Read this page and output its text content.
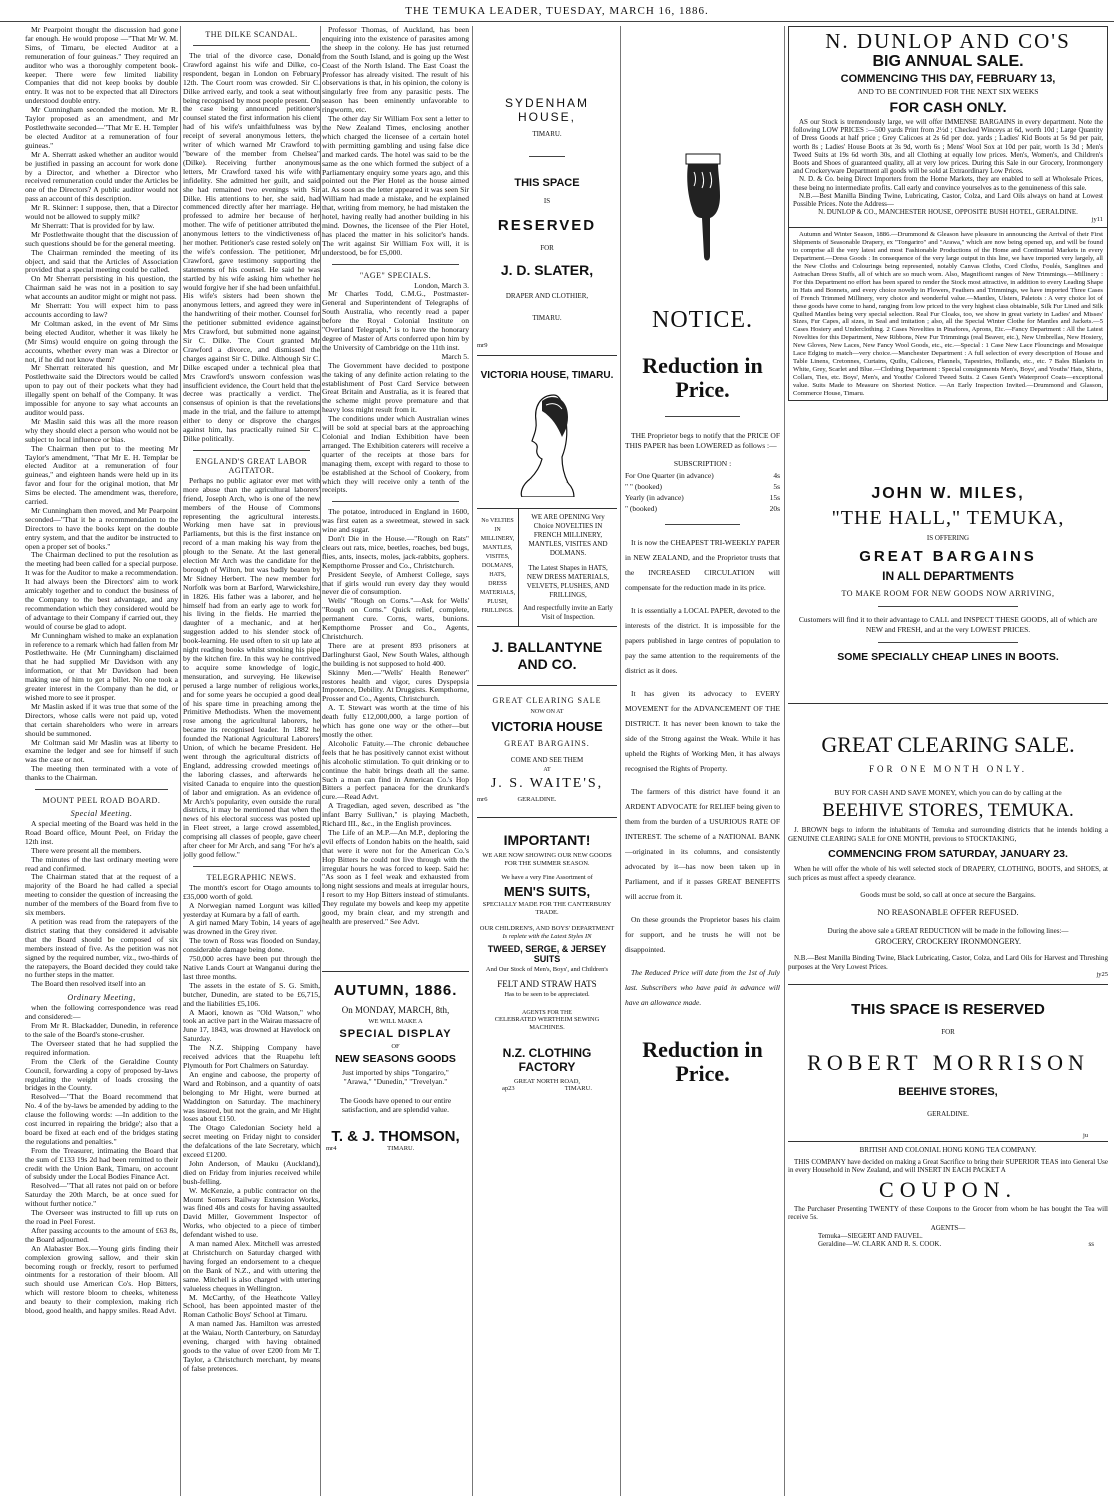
THE TEMUKA LEADER, TUESDAY, MARCH 16, 1886.

Mr Pearpoint thought the discussion had gone far enough. He would propose —"That Mr W. M. Sims, of Timaru, be elected Auditor at a remuneration of four guineas." They required an auditor who was a thoroughly competent book-keeper. There were few limited liability Companies that did not keep books by double entry. It was not to be expected that all Directors understood double entry.

Mr Cunningham seconded the motion. Mr R. Taylor proposed as an amendment, and Mr Postlethwaite seconded—"That Mr E. H. Templer be elected Auditor at a remuneration of four guineas."

Mr A. Sherratt asked whether an auditor would be justified in passing an account for work done by a Director, and whether a Director who received remuneration could under the Articles be one of the Directors? A public auditor would not pass an account of this description.

Mr R. Skinner: I suppose, then, that a Director would not be allowed to supply milk?

Mr Sherratt: That is provided for by law.

Mr Postlethwaite thought that the discussion of such questions should be for the general meeting.

The Chairman reminded the meeting of its object, and said that the Articles of Association provided that a special meeting could be called.

On Mr Sherratt persisting in his question, the Chairman said he was not in a position to say what accounts an auditor might or might not pass.

Mr Sherratt: You will expect him to pass accounts according to law?

Mr Coltman asked, in the event of Mr Sims being elected Auditor, whether it was likely he (Mr Sims) would enquire on going through the accounts, whether every man was a Director or not, if he did not know them?

Mr Sherratt reiterated his question, and Mr Postlethwaite said the Directors would be called upon to pay out of their pockets what they had illegally spent on behalf of the Company. It was impossible for anyone to say what accounts an auditor would pass.

Mr Maslin said this was all the more reason why they should elect a person who would not be subject to local influence or bias.

The Chairman then put to the meeting Mr Taylor's amendment, "That Mr E. H. Templar be elected Auditor at a remuneration of four guineas," and eighteen hands were held up in its favor and four for the original motion, that Mr Sims be elected. The amendment was, therefore, carried.

Mr Cunningham then moved, and Mr Pearpoint seconded—"That it be a recommendation to the Directors to have the books kept on the double entry system, and that the auditor be instructed to open a proper set of books."

The Chairman declined to put the resolution as the meeting had been called for a special purpose. It was for the Auditor to make a recommendation. It had always been the Directors' aim to work amicably together and to conduct the business of the Company to the best advantage, and any recommendation which they considered would be of advantage to their Company if carried out, they would of course be glad to adopt.

Mr Cunningham wished to make an explanation in reference to a remark which had fallen from Mr Postlethwaite. He (Mr Cunningham) disclaimed that he had supplied Mr Davidson with any information, or that Mr Davidson had been making use of him to get a billet. No one took a greater interest in the Company than he did, or wished more to see it prosper.

Mr Maslin asked if it was true that some of the Directors, whose calls were not paid up, voted that certain shareholders who were in arrears should be summoned.

Mr Coltman said Mr Maslin was at liberty to examine the ledger and see for himself if such was the case or not.

The meeting then terminated with a vote of thanks to the Chairman.

MOUNT PEEL ROAD BOARD.
Special Meeting.

A special meeting of the Board was held in the Road Board office, Mount Peel, on Friday the 12th inst.

There were present all the members.

The minutes of the last ordinary meeting were read and confirmed.

The Chairman stated that at the request of a majority of the Board he had called a special meeting to consider the question of increasing the number of the members of the Board from five to six members.

A petition was read from the ratepayers of the district stating that they considered it advisable that the Board should be composed of six members instead of five. As the petition was not signed by the required number, viz., two-thirds of the ratepayers, the Board decided they could take no further steps in the matter.

The Board then resolved itself into an

Ordinary Meeting,

when the following correspondence was read and considered:—

From Mr R. Blackadder, Dunedin, in reference to the sale of the Board's stone-crusher.

The Overseer stated that he had supplied the required information.

From the Clerk of the Geraldine County Council, forwarding a copy of proposed by-laws regulating the weight of loads crossing the bridges in the County.

Resolved—"That the Board recommend that No. 4 of the by-laws be amended by adding to the clause the following words: —In addition to the cost incurred in repairing the bridge'; also that a board be fixed at each end of the bridges stating the regulations and penalties."

From the Treasurer, intimating the Board that the sum of £133 19s 2d had been remitted to their credit with the Union Bank, Timaru, on account of subsidy under the Local Bodies Finance Act.

Resolved—"That all rates not paid on or before Saturday the 20th March, be at once sued for without further notice."

The Overseer was instructed to fill up ruts on the road in Peel Forest.

After passing accounts to the amount of £63 8s, the Board adjourned.

An Alabaster Box.—Young girls finding their complexion growing sallow, and their skin becoming rough or freckly, resort to perfumed ointments for a restoration of their bloom. All such should use American Co's. Hop Bitters, which will restore bloom to cheeks, whiteness and beauty to their complexion, making rich blood, good health, and happy smiles. Read Advt.

THE DILKE SCANDAL.

The trial of the divorce case, Donald Crawford against his wife and Dilke, co-respondent, began in London on February 12th. The Court room was crowded. Sir C. Dilke arrived early, and took a seat without being recognised by most people present. On the case being announced petitioner's counsel stated the first information his client had of his wife's unfaithfulness was by receipt of several anonymous letters, the writer of which warned Mr Crawford to "beware of the member from Chelsea" (Dilke). Receiving further anonymous letters, Mr Crawford taxed his wife with infidelity. She admitted her guilt, and said she had remained two evenings with Sir Dilke. His attentions to her, she said, had commenced directly after her marriage. He professed to admire her because of her mother. The wife of petitioner attributed the anonymous letters to the vindictiveness of her mother. Petitioner's case rested solely on the wife's confession. The petitioner, Mr Crawford, gave testimony supporting the statements of his counsel. He said he was startled by his wife asking him whether he would forgive her if she had been unfaithful. His wife's sisters had been shown the anonymous letters, and agreed they were in the handwriting of their mother. Counsel for the petitioner submitted evidence against Mrs Crawford, but submitted none against Sir C. Dilke. The Court granted Mr Crawford a divorce, and dismissed the charges against Sir C. Dilke. Although Sir C. Dilke escaped under a technical plea that Mrs Crawford's unsworn confession was insufficient evidence, the Court held that the decree was practically a verdict. The consensus of opinion is that the revelations made in the trial, and the failure to attempt either to deny or disprove the charges against him, has practically ruined Sir C. Dilke politically.

ENGLAND'S GREAT LABOR AGITATOR.

Perhaps no public agitator ever met with more abuse than the agricultural laborers' friend, Joseph Arch, who is one of the new members of the House of Commons representing the agricultural interests. Working men have sat in previous Parliaments, but this is the first instance on record of a man making his way from the plough to the Senate. At the last general election Mr Arch was the candidate for the borough of Wilton, but was badly beaten by Mr Sidney Herbert. The new member for Norfolk was born at Barford, Warwickshire, in 1826. His father was a laborer, and he himself had from an early age to work for his living in the fields. He married the daughter of a mechanic, and at her suggestion added to his slender stock of book-learning. He used often to sit up late at night reading books whilst smoking his pipe by the kitchen fire. In this way he contrived to acquire some knowledge of logic, mensuration, and surveying. He likewise perused a large number of religious works, and for some years he occupied a good deal of his spare time in preaching among the Primitive Methodists. When the movement rose among the agricultural laborers, he became its recognised leader. In 1882 he founded the National Agricultural Laborers' Union, of which he became President. He went through the agricultural districts of England, addressing crowded meetings of the laboring classes, and afterwards he visited Canada to enquire into the question of labor and emigration. As an evidence of Mr Arch's popularity, even outside the rural districts, it may be mentioned that when the news of his electoral success was posted up in Fleet street, a large crowd assembled, comprising all classes of people, gave cheer after cheer for Mr Arch, and sang "For he's a jolly good fellow."

TELEGRAPHIC NEWS.

The month's escort for Otago amounts to £35,000 worth of gold.

A Norwegian named Lorgunt was killed yesterday at Kumara by a fall of earth.

A girl named Mary Tobin, 14 years of age was drowned in the Grey river.

The town of Ross was flooded on Sunday, considerable damage being done.

750,000 acres have been put through the Native Lands Court at Wanganui during the last three months.

The assets in the estate of S. G. Smith, butcher, Dunedin, are stated to be £6,715, and the liabilities £5,106.

A Maori, known as "Old Watson," who took an active part in the Wairau massacre of June 17, 1843, was drowned at Havelock on Saturday.

The N.Z. Shipping Company have received advices that the Ruapehu left Plymouth for Port Chalmers on Saturday.

An engine and caboose, the property of Ward and Robinson, and a quantity of oats belonging to Mr Hight, were burned at Waddington on Saturday. The machinery was insured, but not the grain, and Mr Hight loses about £150.

The Otago Caledonian Society held a secret meeting on Friday night to consider the defalcations of the late Secretary, which exceed £1200.

John Anderson, of Mauku (Auckland), died on Friday from injuries received while bush-felling.

W. McKenzie, a public contractor on the Mount Somers Railway Extension Works, was fined 40s and costs for having assaulted David Miller, Government Inspector of Works, who objected to a piece of timber defendant wished to use.

A man named Alex. Mitchell was arrested at Christchurch on Saturday charged with having forged an endorsement to a cheque on the Bank of N.Z., and with uttering the same. Mitchell is also charged with uttering valueless cheques in Wellington.

M. McCarthy, of the Heathcote Valley School, has been appointed master of the Roman Catholic Boys' School at Timaru.

A man named Jas. Hamilton was arrested at the Waiau, North Canterbury, on Saturday evening, charged with having obtained goods to the value of over £200 from Mr T. Taylor, a Christchurch merchant, by means of false pretences.

Professor Thomas, of Auckland, has been enquiring into the existence of parasites among the sheep in the colony. He has just returned from the South Island, and is going up the West Coast of the North Island. The East Coast the Professor has already visited. The result of his observations is that, in his opinion, the colony is singularly free from any parasitic pests. The season has been eminently unfavorable to ringworm, etc.

The other day Sir William Fox sent a letter to the New Zealand Times, enclosing another which charged the licensee of a certain hotel with permitting gambling and using false dice and marked cards. The hotel was said to be the same as the one which formed the subject of a Parliamentary enquiry some years ago, and this pointed out the Pier Hotel as the house aimed at. As soon as the letter appeared it was seen Sir William had made a mistake, and he explained that, writing from memory, he had mistaken the hotel, having really had another building in his mind. Downes, the licensee of the Pier Hotel, has placed the matter in his solicitor's hands. The writ against Sir William Fox will, it is understood, be for £5,000.

"AGE" SPECIALS.
London, March 3.

Mr Charles Todd, C.M.G., Postmaster-General and Superintendent of Telegraphs of South Australia, who recently read a paper before the Royal Colonial Institute on "Overland Telegraph," is to have the honorary degree of Master of Arts conferred upon him by the University of Cambridge on the 11th inst.

March 5.

The Government have decided to postpone the taking of any definite action relating to the establishment of Post Card Service between Great Britain and Australia, as it is feared that the scheme might prove premature and that heavy loss might result from it.

The conditions under which Australian wines will be sold at special bars at the approaching Colonial and Indian Exhibition have been arranged. The Exhibition caterers will receive a quarter of the receipts at those bars for managing them, except with regard to those to be established at the School of Cookery, from which they will receive only a tenth of the receipts.

The potatoe, introduced in England in 1600, was first eaten as a sweetmeat, stewed in sack wine and sugar.

Don't Die in the House.—"Rough on Rats" clears out rats, mice, beetles, roaches, bed bugs, flies, ants, insects, moles, jack-rabbits, gophers. Kempthorne Prosser and Co., Christchurch.

President Seeyle, of Amherst College, says that if girls would run every day they would never die of consumption.

Wells' "Rough on Corns."—Ask for Wells' "Rough on Corns." Quick relief, complete, permanent cure. Corns, warts, bunions. Kempthorne Prosser and Co., Agents, Christchurch.

There are at present 893 prisoners at Darlinghurst Gaol, New South Wales, although the building is not supposed to hold 400.

Skinny Men.—"Wells' Health Renewer" restores health and vigor, cures Dyspepsia Impotence, Debility. At Druggists. Kempthorne, Prosser and Co., Agents, Christchurch.

A. T. Stewart was worth at the time of his death fully £12,000,000, a large portion of which has gone one way or the other—but mostly the other.

Alcoholic Fatuity.—The chronic debauchee feels that he has positively cannot exist without his alcoholic stimulation. To quit drinking or to continue the habit brings death all the same. Such a man can find in American Co.'s Hop Bitters a perfect panacea for the drunkard's cure.—Read Advt.

A Tragedian, aged seven, described as "the infant Barry Sullivan," is playing Macbeth, Richard III., &c., in the English provinces.

The Life of an M.P.—An M.P., deploring the evil effects of London habits on the health, said that were it were not for the American Co.'s Hop Bitters he could not live through with the irregular hours he was forced to keep. Said he: "As soon as I feel weak and exhausted from long night sessions and meals at irregular hours, I resort to my Hop Bitters instead of stimulants. They regulate my bowels and keep my appetite good, my brain clear, and my strength and health are preserved." See Advt.

AUTUMN, 1886.
On MONDAY, MARCH, 8th,
WE WILL MAKE A
SPECIAL DISPLAY
OF
NEW SEASONS GOODS
Just imported by ships "Tongariro," "Arawa," "Dunedin," "Trevelyan."
The Goods have opened to our entire satisfaction, and are splendid value.
T. & J. THOMSON,
mr4	TIMARU.
SYDENHAM HOUSE,
TIMARU.
THIS SPACE
IS
RESERVED
FOR
J. D. SLATER,
DRAPER AND CLOTHIER,
TIMARU.
mr9
VICTORIA HOUSE, TIMARU.
No VELTIES
IN
MILLINERY,
MANTLES,
VISITES,
DOLMANS,
HATS,
DRESS
MATERIALS,
PLUSH,
FRILLINGS.
WE ARE OPENING Very Choice NOVELTIES IN FRENCH MILLINERY, MANTLES, VISITES AND DOLMANS.
The Latest Shapes in HATS, NEW DRESS MATERIALS, VELVETS, PLUSHES, AND FRILLINGS,
And respectfully invite an Early Visit of Inspection.
J. BALLANTYNE AND CO.
GREAT CLEARING SALE
NOW ON AT
VICTORIA HOUSE
GREAT BARGAINS.
COME AND SEE THEM
AT
J. S. WAITE'S,
mr6	GERALDINE.
IMPORTANT!
WE ARE NOW SHOWING OUR NEW GOODS FOR THE SUMMER SEASON.
We have a very Fine Assortment of
MEN'S SUITS,
SPECIALLY MADE FOR THE CANTERBURY TRADE.
OUR CHILDREN'S, AND BOYS' DEPARTMENT
Is replete with the Latest Styles IN
TWEED, SERGE, & JERSEY SUITS
And Our Stock of Men's, Boys', and Children's
FELT AND STRAW HATS
Has to be seen to be appreciated.
AGENTS FOR THE
CELEBRATED WERTHEIM SEWING MACHINES.
N.Z. CLOTHING FACTORY
GREAT NORTH ROAD,
ap23	TIMARU.
NOTICE.
Reduction in Price.

THE Proprietor begs to notify that the PRICE OF THIS PAPER has been LOWERED as follows :—

SUBSCRIPTION :
For One Quarter (in advance)	4s
" " (booked)	5s
Yearly (in advance)	15s
" (booked)	20s

It is now the CHEAPEST TRI-WEEKLY PAPER in NEW ZEALAND, and the Proprietor trusts that the INCREASED CIRCULATION will compensate for the reduction made in its price.

It is essentially a LOCAL PAPER, devoted to the interests of the district. It is impossible for the papers published in large centres of population to pay the same attention to the requirements of the district as it does.

It has given its advocacy to EVERY MOVEMENT for the ADVANCEMENT OF THE DISTRICT. It has never been known to take the side of the Strong against the Weak. While it has upheld the Rights of Working Men, it has always recognised the Rights of Property.

The farmers of this district have found it an ARDENT ADVOCATE for RELIEF being given to them from the burden of a USURIOUS RATE OF INTEREST. The scheme of a NATIONAL BANK—originated in its columns, and consistently advocated by it—has now been taken up in Parliament, and if it passes GREAT BENEFITS will accrue from it.

On these grounds the Proprietor bases his claim for support, and he trusts he will not be disappointed.

The Reduced Price will date from the 1st of July last. Subscribers who have paid in advance will have an allowance made.

Reduction in Price.
N. DUNLOP AND CO'S
BIG ANNUAL SALE.
COMMENCING THIS DAY, FEBRUARY 13,
AND TO BE CONTINUED FOR THE NEXT SIX WEEKS
FOR CASH ONLY.

AS our Stock is tremendously large, we will offer IMMENSE BARGAINS in every department. Note the following LOW PRICES :—500 yards Print from 2½d ; Checked Winceys at 6d, worth 10d ; Large Quantity of Dress Goods at half price ; Grey Calicoes at 2s 6d per doz. yards ; Ladies' Kid Boots at 5s 9d per pair, worth 8s ; Ladies' House Boots at 3s 9d, worth 6s ; Mens' Wool Sox at 10d per pair, worth 1s 3d ; Men's Tweed Suits at 19s 6d worth 30s, and all Clothing at equally low prices. Men's, Women's, and Children's Boots and Shoes of guaranteed quality, all at very low prices. During this Sale in our Grocery, Ironmongery and Crockeryware Department all goods will be sold at Extraordinary Low Prices.

N. D. & Co. being Direct Importers from the Home Markets, they are enabled to sell at Wholesale Prices, these being no intermediate profits. Call early and convince yourselves as to the genuineness of this sale.

N.B.—Best Manilla Binding Twine, Lubricating, Castor, Colza, and Lard Oils always on hand at Lowest Possible Prices. Note the Address—

N. DUNLOP & CO., MANCHESTER HOUSE, OPPOSITE BUSH HOTEL, GERALDINE.
jy11

Autumn and Winter Season, 1886.—Drummond & Gleason have pleasure in announcing the Arrival of their First Shipments of Seasonable Drapery, ex "Tongariro" and "Arawa," which are now being opened up, and will be found to comprise all the very latest and most Fashionable Productions of the Home and Continental Markets in every Department.—Dress Goods : In consequence of the very large output in this line, we have imported very largely, all the New Cloths and Colourings being represented, notably Canvas Cloths, Cord Cloths, Foulés, Sanglines and Astrachan Dress Stuffs, all of which are so much worn. Also, Magnificent ranges of New Trimmings.—Millinery : For this Department no effort has been spared to render the Stock most attractive, in addition to every Leading Shape in Hats and Bonnets, and every choice novelty in Flowers, Feathers and Trimmings, we have imported Three Cases of French Trimmed Millinery, very choice and wonderful value.—Mantles, Ulsters, Paletots : A very choice lot of these goods have come to hand, ranging from low priced to the very highest class obtainable, Silk Fur Lined and Silk Quilted Mantles being very special selection. Real Fur Cloaks, too, we show in great variety in Ladies' and Misses' Sizes, Fur Capes, all sizes, in Seal and imitation ; also, all the Special Winter Clothe for Mantles and Jackets.—5 Cases Hosiery and Underclothing. 2 Cases Novelties in Pinafores, Aprons, Etc.—Fancy Department : All the Latest Novelties for this Department, New Ribbons, New Fur Trimmings (real Beaver, etc.), New Umbrellas, New Hosiery, New Gloves, New Laces, New Fancy Wool Goods, etc., etc.—Special : 1 Case New Lace Flouncings and Mosaique Lace Edging to match—very choice.—Manchester Department : A full selection of every description of House and Table Linens, Cretonnes, Curtains, Quilts, Calicoes, Flannels, Tapestries, Hollands, etc., etc. 7 Bales Blankets in White, Grey, Scarlet and Blue.—Clothing Department : Special consignments Men's, Boys', and Youths' Hats, Shirts, Collars, Ties, etc. Boys', Men's, and Youths' Colored Tweed Suits. 2 Cases Gent's Waterproof Coats—exceptional value. Suits Made to Measure on Shortest Notice. —An Early Inspection Invited.—Drummond and Glasson, Commerce House, Timaru.

JOHN W. MILES,
"THE HALL," TEMUKA,
IS OFFERING
GREAT BARGAINS
IN ALL DEPARTMENTS
TO MAKE ROOM FOR NEW GOODS NOW ARRIVING,
Customers will find it to their advantage to CALL and INSPECT THESE GOODS, all of which are NEW and FRESH, and at the very LOWEST PRICES.
SOME SPECIALLY CHEAP LINES IN BOOTS.
GREAT CLEARING SALE.
FOR ONE MONTH ONLY.
BUY FOR CASH AND SAVE MONEY, which you can do by calling at the
BEEHIVE STORES, TEMUKA.

J. BROWN begs to inform the inhabitants of Temuka and surrounding districts that he intends holding a GENUINE CLEARING SALE for ONE MONTH, previous to STOCKTAKING,

COMMENCING FROM SATURDAY, JANUARY 23.

When he will offer the whole of his well selected stock of DRAPERY, CLOTHING, BOOTS, and SHOES, at such prices as must affect a speedy clearance.

Goods must be sold, so call at once at secure the Bargains.
NO REASONABLE OFFER REFUSED.
During the above sale a GREAT REDUCTION will be made in the following lines:—
GROCERY, CROCKERY IRONMONGERY.

N.B.—Best Manilla Binding Twine, Black Lubricating, Castor, Colza, and Lard Oils for Harvest and Threshing purposes at the Very Lowest Prices.

jy25
THIS SPACE IS RESERVED
FOR
ROBERT MORRISON
BEEHIVE STORES,
GERALDINE.
ju
BRITISH AND COLONIAL HONG KONG TEA COMPANY.

THIS COMPANY have decided on making a Great Sacrifice to bring their SUPERIOR TEAS into General Use in every Household in New Zealand, and will INSERT IN EACH PACKET A

COUPON.

The Purchaser Presenting TWENTY of these Coupons to the Grocer from whom he has bought the Tea will receive 5s.

AGENTS—
Temuka—SIEGERT AND FAUVEL.
Geraldine—W. CLARK AND R. S. COOK.	ss
